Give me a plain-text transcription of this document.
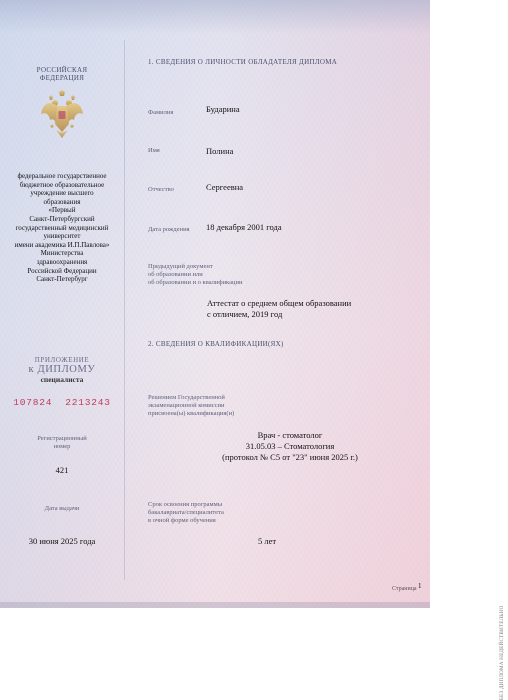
РОССИЙСКАЯ
ФЕДЕРАЦИЯ
федеральное государственное
бюджетное образовательное
учреждение высшего
образования
«Первый
Санкт-Петербургский
государственный медицинский
университет
имени академика И.П.Павлова»
Министерства
здравоохранения
Российской Федерации
Санкт-Петербург
ПРИЛОЖЕНИЕ
к ДИПЛОМУ
специалиста
107824  2213243
Регистрационный
номер
421
Дата выдачи
30 июня 2025 года
1. СВЕДЕНИЯ О ЛИЧНОСТИ ОБЛАДАТЕЛЯ ДИПЛОМА
Фамилия	Бударина
Имя	Полина
Отчество	Сергеевна
Дата рождения 18 декабря 2001 года
Предыдущий документ
об образовании или
об образовании и о квалификации
Аттестат о среднем общем образовании
с отличием, 2019 год
2. СВЕДЕНИЯ О КВАЛИФИКАЦИИ(ЯХ)
Решением Государственной
экзаменационной комиссии
присвоена(ы) квалификация(и)
Врач - стоматолог
31.05.03 – Стоматология
(протокол № С5 от "23" июня 2025 г.)
Срок освоения программы
бакалавриата/специалитета
в очной форме обучения
5 лет
Страница 1
БЕЗ ДИПЛОМА НЕДЕЙСТВИТЕЛЬНО
